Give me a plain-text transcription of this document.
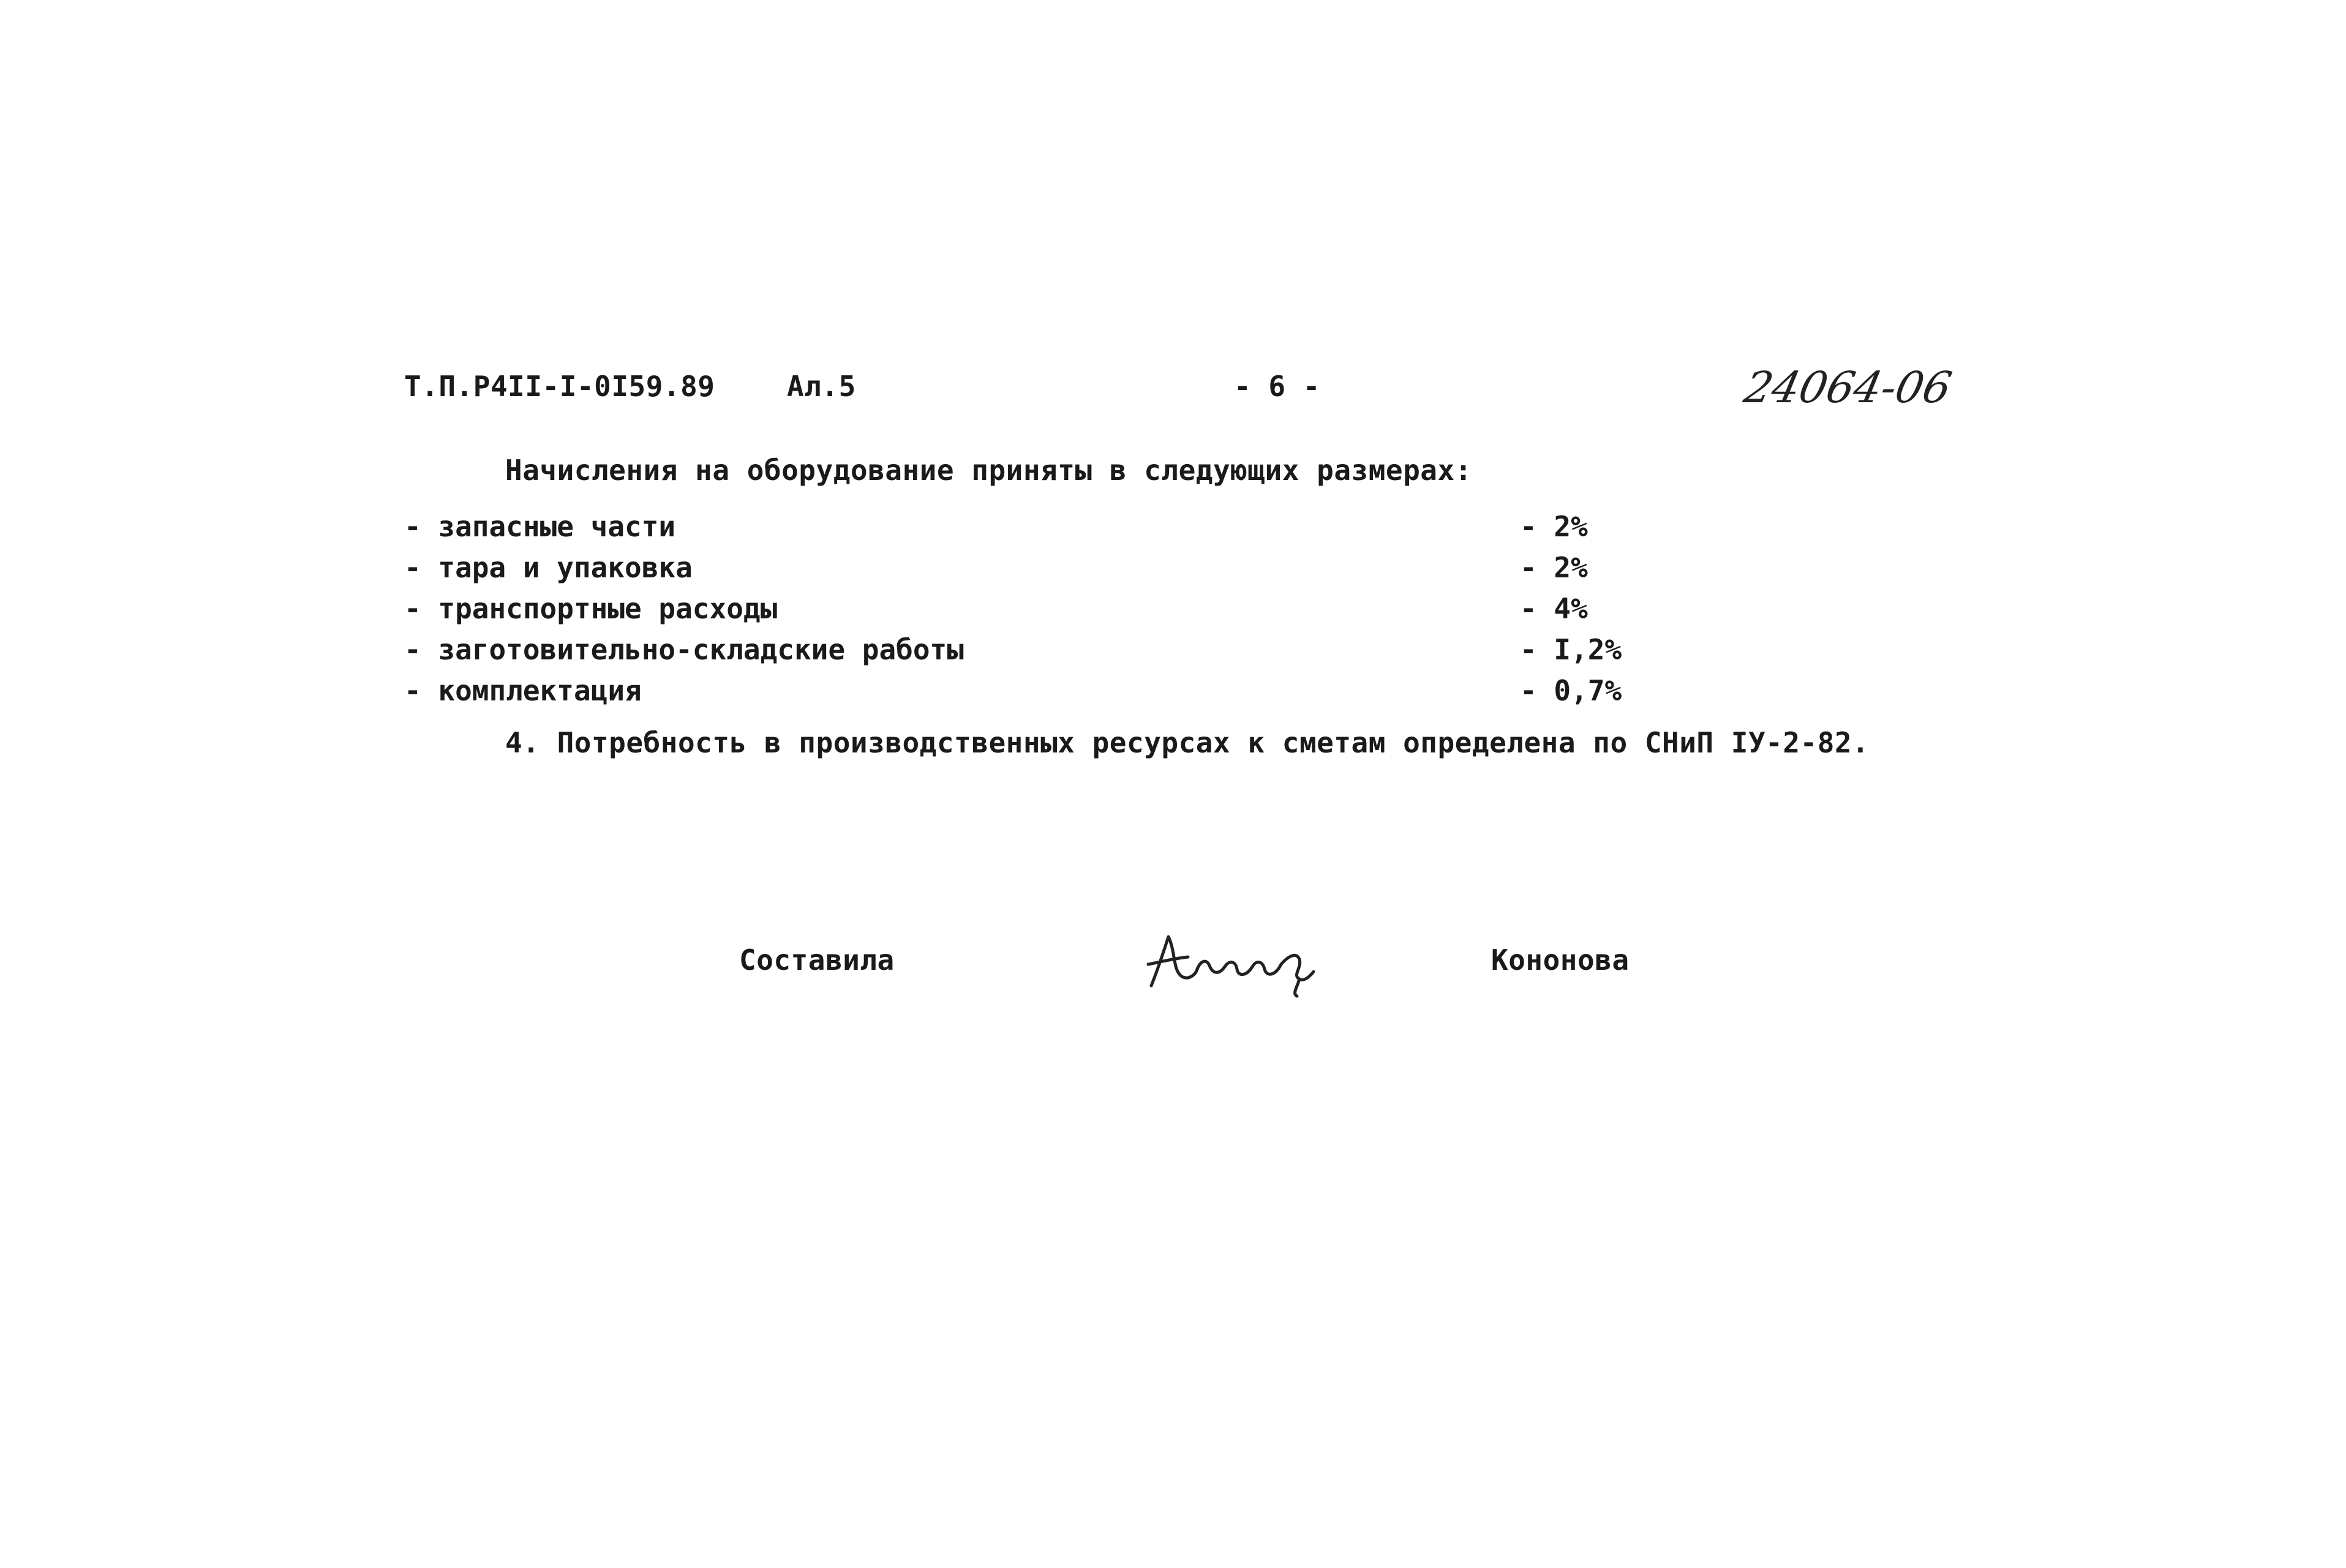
Т.П.Р4II-I-0I59.89	Ал.5	- 6 -	24064-06
Начисления на оборудование приняты в следующих размерах:
- запасные части	- 2%
- тара и упаковка	- 2%
- транспортные расходы	- 4%
- заготовительно-складские работы	- I,2%
- комплектация	- 0,7%
4. Потребность в производственных ресурсах к сметам определена по СНиП IУ-2-82.
Составила	Кононова
